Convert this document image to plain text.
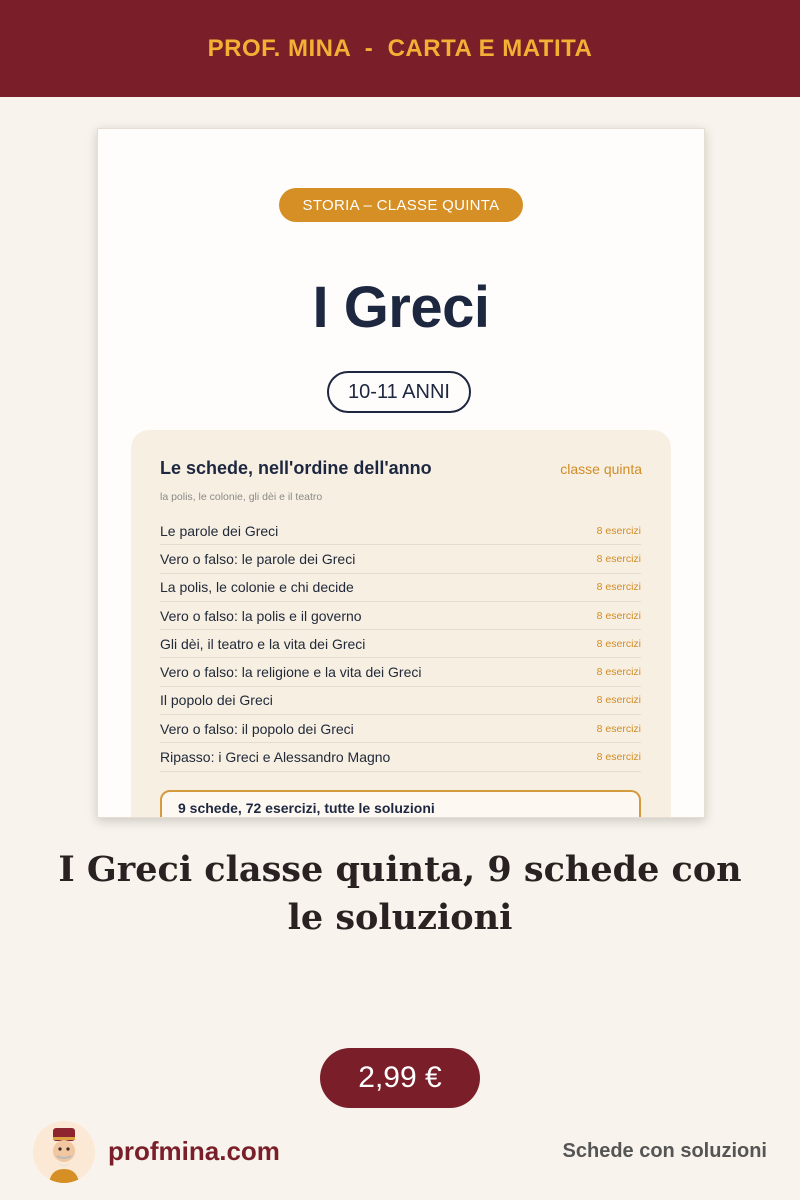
PROF. MINA  -  CARTA E MATITA
STORIA – CLASSE QUINTA
I Greci
10-11 ANNI
Le schede, nell'ordine dell'anno	classe quinta
la polis, le colonie, gli dèi e il teatro
Le parole dei Greci	8 esercizi
Vero o falso: le parole dei Greci	8 esercizi
La polis, le colonie e chi decide	8 esercizi
Vero o falso: la polis e il governo	8 esercizi
Gli dèi, il teatro e la vita dei Greci	8 esercizi
Vero o falso: la religione e la vita dei Greci	8 esercizi
Il popolo dei Greci	8 esercizi
Vero o falso: il popolo dei Greci	8 esercizi
Ripasso: i Greci e Alessandro Magno	8 esercizi
9 schede, 72 esercizi, tutte le soluzioni
I Greci classe quinta, 9 schede con le soluzioni
2,99 €
profmina.com	Schede con soluzioni
